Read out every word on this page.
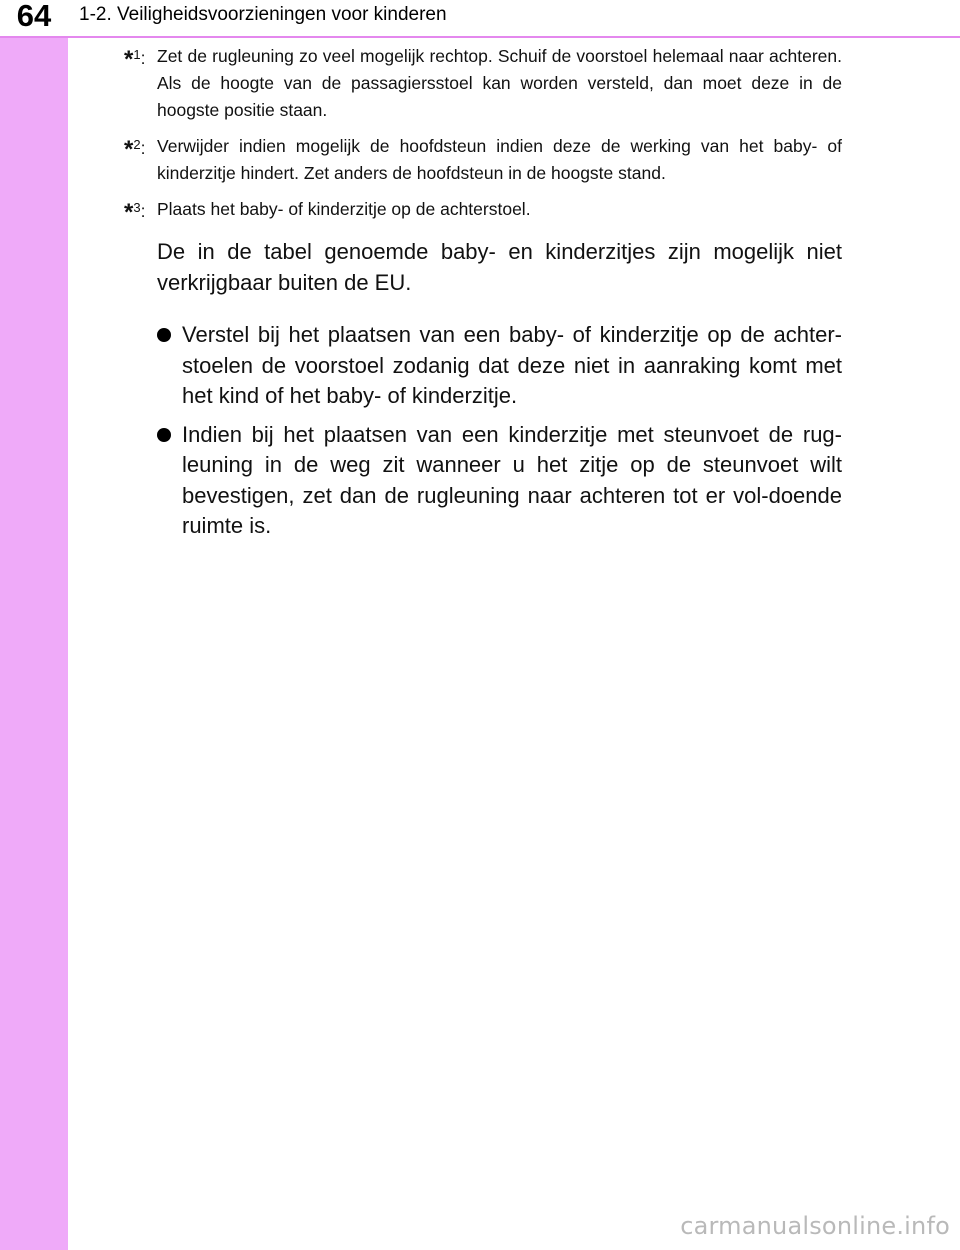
64	1-2. Veiligheidsvoorzieningen voor kinderen
*$^1$: Zet de rugleuning zo veel mogelijk rechtop. Schuif de voorstoel helemaal naar achteren. Als de hoogte van de passagiersstoel kan worden versteld, dan moet deze in de hoogste positie staan.
*$^2$: Verwijder indien mogelijk de hoofdsteun indien deze de werking van het baby- of kinderzitje hindert. Zet anders de hoofdsteun in de hoogste stand.
*$^3$: Plaats het baby- of kinderzitje op de achterstoel.

De in de tabel genoemde baby- en kinderzitjes zijn mogelijk niet verkrijgbaar buiten de EU.

Verstel bij het plaatsen van een baby- of kinderzitje op de achter-stoelen de voorstoel zodanig dat deze niet in aanraking komt met het kind of het baby- of kinderzitje.
Indien bij het plaatsen van een kinderzitje met steunvoet de rug-leuning in de weg zit wanneer u het zitje op de steunvoet wilt bevestigen, zet dan de rugleuning naar achteren tot er vol-doende ruimte is.
carmanualsonline.info
